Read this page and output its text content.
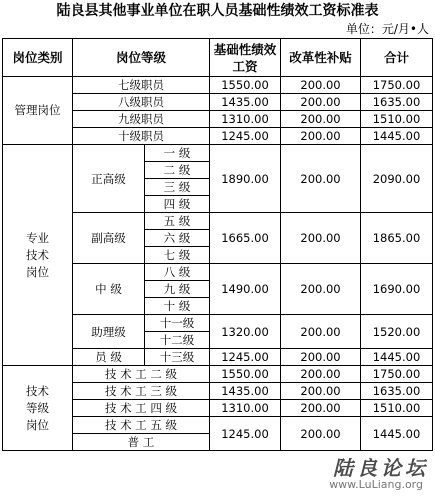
陆良县其他事业单位在职人员基础性绩效工资标准表
单位：元/月•人
岗位类别	岗位等级		基础性绩效工资	改革性补贴	合计
管理岗位	七级职员		1550.00	200.00	1750.00
	八级职员		1435.00	200.00	1635.00
	九级职员		1310.00	200.00	1510.00
	十级职员		1245.00	200.00	1445.00
专业技术岗位	正高级	一 级	1890.00	200.00	2090.00
		二 级			
		三 级			
		四 级			
	副高级	五 级	1665.00	200.00	1865.00
		六 级			
		七 级			
	中 级	八 级	1490.00	200.00	1690.00
		九 级			
		十 级			
	助理级	十一级	1320.00	200.00	1520.00
		十二级			
	员 级	十三级	1245.00	200.00	1445.00
技术等级岗位	技 术 工 二 级		1550.00	200.00	1750.00
	技 术 工 三 级		1435.00	200.00	1635.00
	技 术 工 四 级		1310.00	200.00	1510.00
	技 术 工 五 级		1245.00	200.00	1445.00
	普 工				
陆良论坛
www.LuLiang.org
